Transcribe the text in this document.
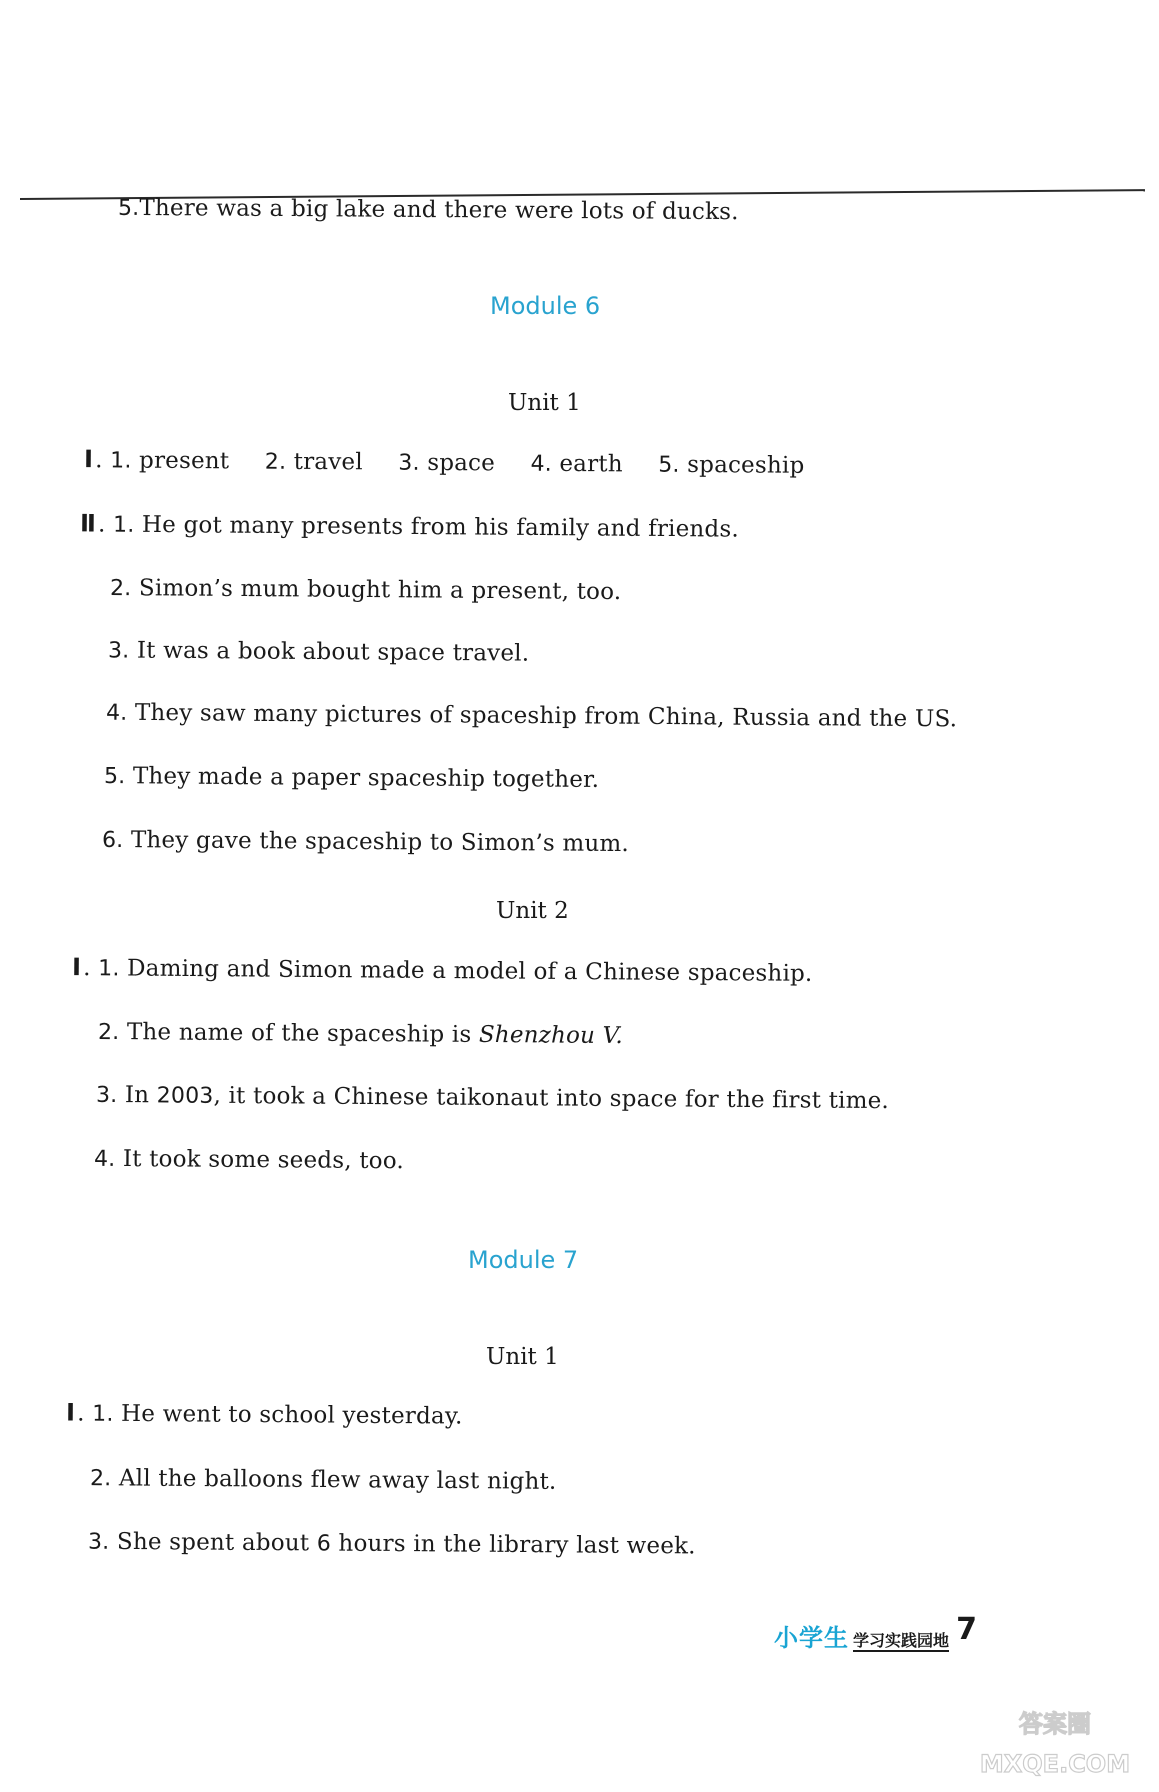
5.There was a big lake and there were lots of ducks.
Module 6
Unit 1
Ⅰ. 1. present 2. travel 3. space 4. earth 5. spaceship
Ⅱ. 1. He got many presents from his family and friends.
2. Simon’s mum bought him a present, too.
3. It was a book about space travel.
4. They saw many pictures of spaceship from China, Russia and the US.
5. They made a paper spaceship together.
6. They gave the spaceship to Simon’s mum.
Unit 2
Ⅰ. 1. Daming and Simon made a model of a Chinese spaceship.
2. The name of the spaceship is Shenzhou V.
3. In 2003, it took a Chinese taikonaut into space for the first time.
4. It took some seeds, too.
Module 7
Unit 1
Ⅰ. 1. He went to school yesterday.
2. All the balloons flew away last night.
3. She spent about 6 hours in the library last week.
小学生 学习实践园地 7
答案圈
MXQE.COM
